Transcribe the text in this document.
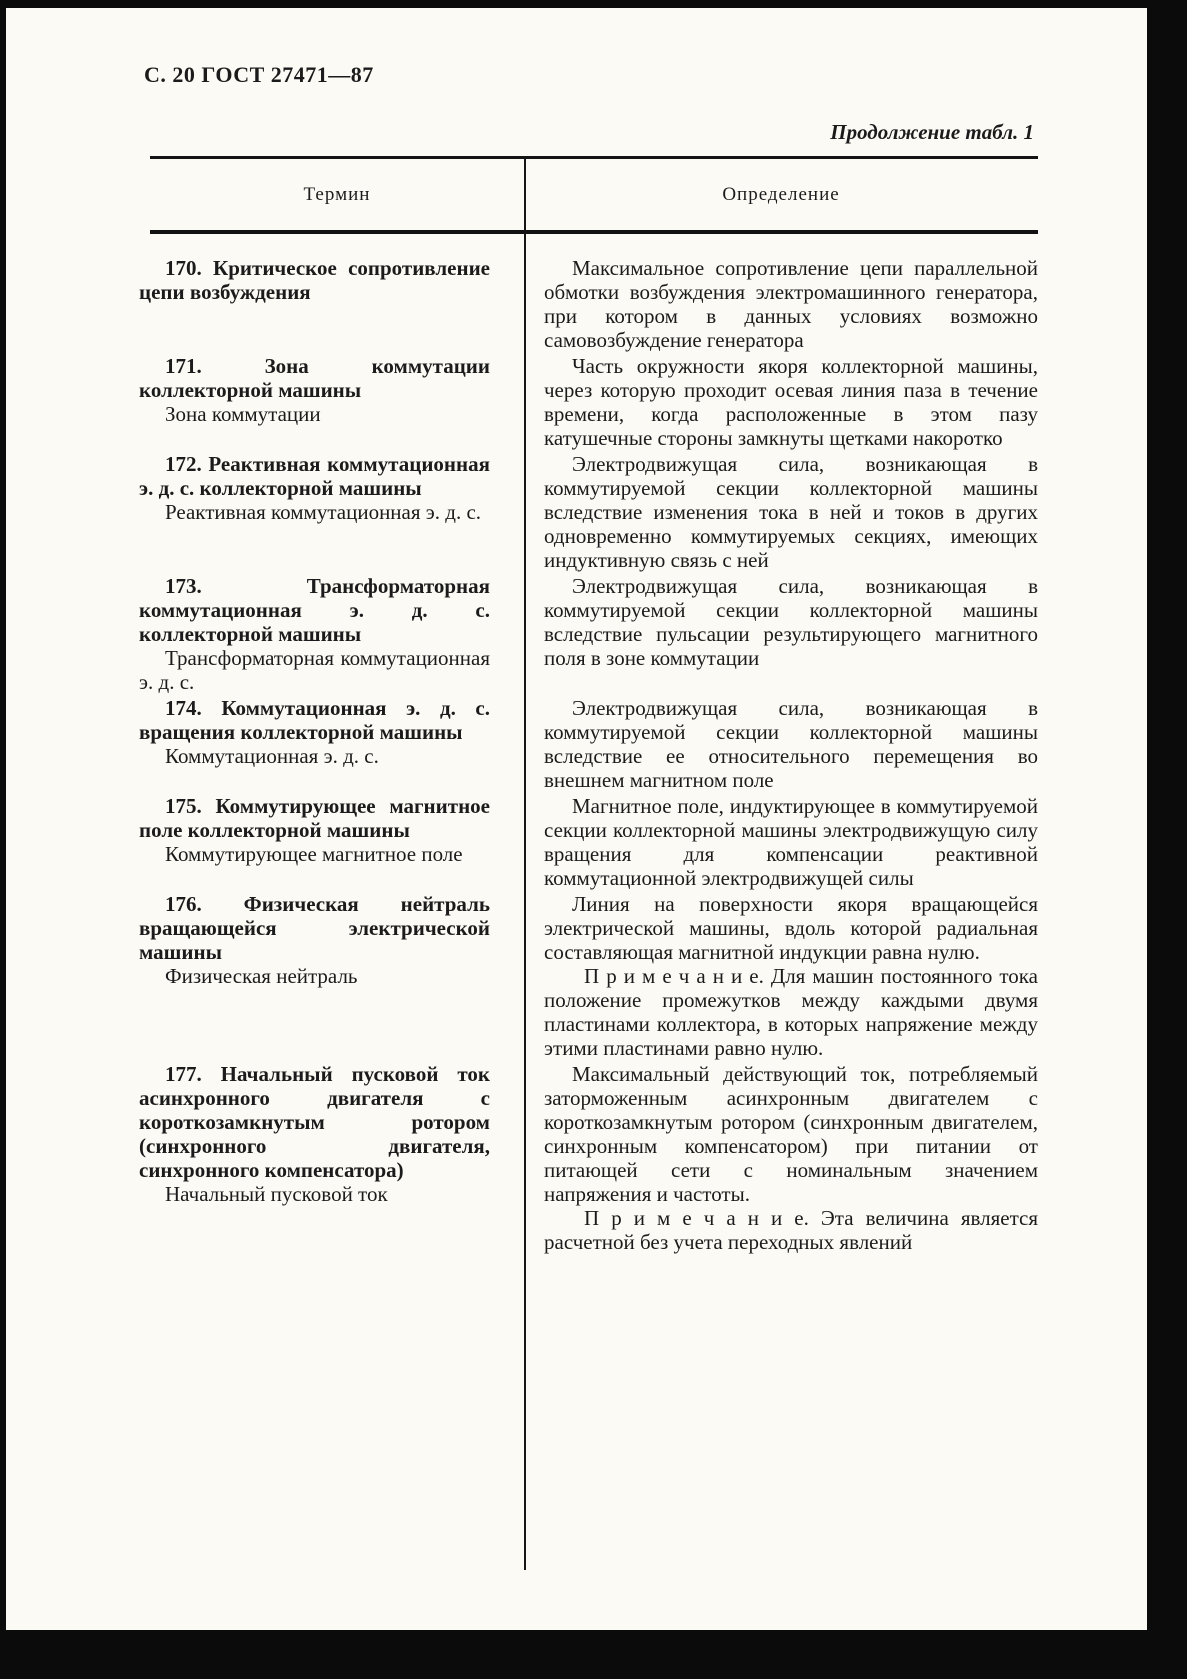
С. 20 ГОСТ 27471—87
Продолжение табл. 1
Термин	Определение

170. Критическое сопротивление цепи возбуждения

Максимальное сопротивление цепи параллельной обмотки возбуждения электромашинного генератора, при котором в данных условиях возможно самовозбуждение генератора

171. Зона коммутации коллекторной машины

Зона коммутации

Часть окружности якоря коллекторной машины, через которую проходит осевая линия паза в течение времени, когда расположенные в этом пазу катушечные стороны замкнуты щетками накоротко

172. Реактивная коммутационная э. д. с. коллекторной машины

Реактивная коммутационная э. д. с.

Электродвижущая сила, возникающая в коммутируемой секции коллекторной машины вследствие изменения тока в ней и токов в других одновременно коммутируемых секциях, имеющих индуктивную связь с ней

173. Трансформаторная коммутационная э. д. с. коллекторной машины

Трансформаторная коммутационная э. д. с.

Электродвижущая сила, возникающая в коммутируемой секции коллекторной машины вследствие пульсации результирующего магнитного поля в зоне коммутации

174. Коммутационная э. д. с. вращения коллекторной машины

Коммутационная э. д. с.

Электродвижущая сила, возникающая в коммутируемой секции коллекторной машины вследствие ее относительного перемещения во внешнем магнитном поле

175. Коммутирующее магнитное поле коллекторной машины

Коммутирующее магнитное поле

Магнитное поле, индуктирующее в коммутируемой секции коллекторной машины электродвижущую силу вращения для компенсации реактивной коммутационной электродвижущей силы

176. Физическая нейтраль вращающейся электрической машины

Физическая нейтраль

Линия на поверхности якоря вращающейся электрической машины, вдоль которой радиальная составляющая магнитной индукции равна нулю.

П р и м е ч а н и е. Для машин постоянного тока положение промежутков между каждыми двумя пластинами коллектора, в которых напряжение между этими пластинами равно нулю.

177. Начальный пусковой ток асинхронного двигателя с короткозамкнутым ротором (синхронного двигателя, синхронного компенсатора)

Начальный пусковой ток

Максимальный действующий ток, потребляемый заторможенным асинхронным двигателем с короткозамкнутым ротором (синхронным двигателем, синхронным компенсатором) при питании от питающей сети с номинальным значением напряжения и частоты.

П р и м е ч а н и е. Эта величина является расчетной без учета переходных явлений
